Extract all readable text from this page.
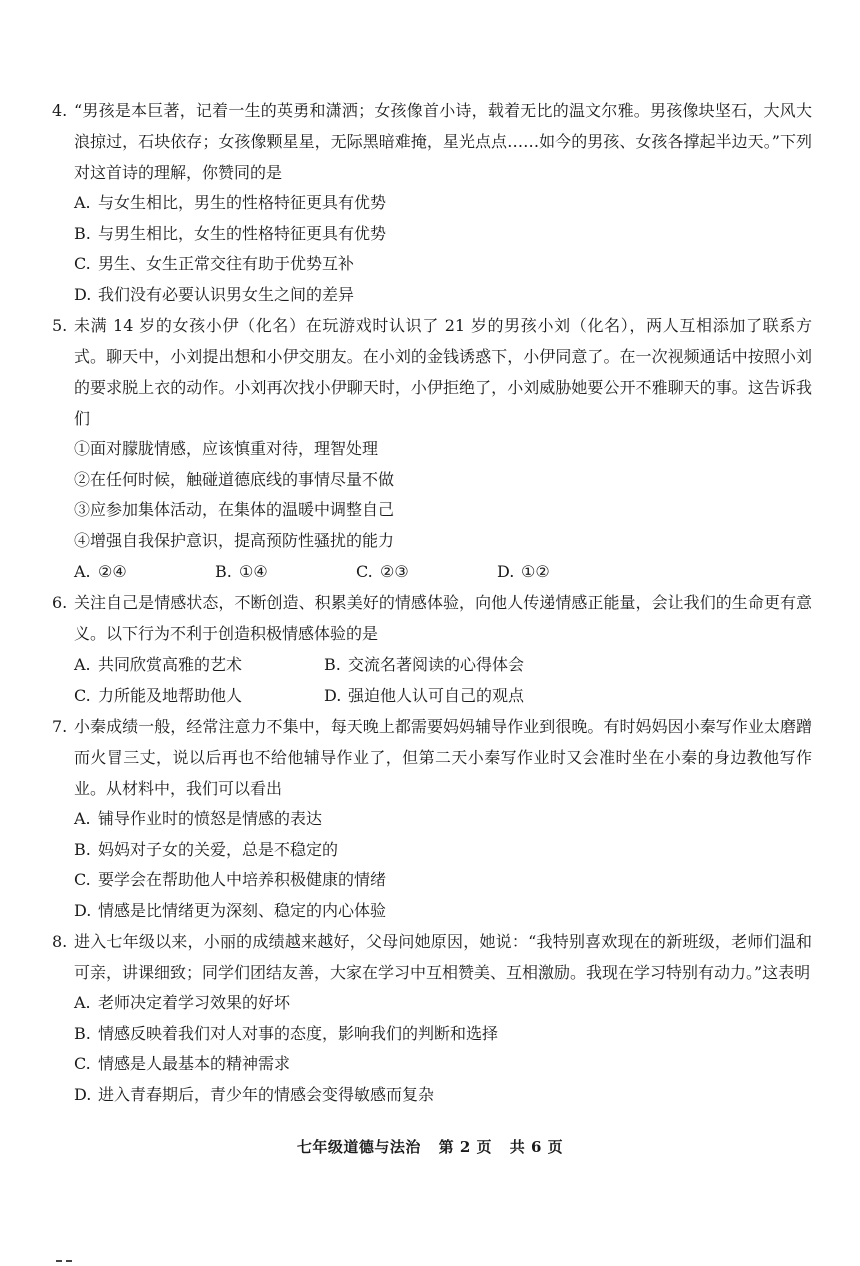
4. “男孩是本巨著，记着一生的英勇和潇洒；女孩像首小诗，载着无比的温文尔雅。男孩像块坚石，大风大浪掠过，石块依存；女孩像颗星星，无际黑暗难掩，星光点点……如今的男孩、女孩各撑起半边天。”下列对这首诗的理解，你赞同的是
A. 与女生相比，男生的性格特征更具有优势
B. 与男生相比，女生的性格特征更具有优势
C. 男生、女生正常交往有助于优势互补
D. 我们没有必要认识男女生之间的差异
5. 未满 14 岁的女孩小伊（化名）在玩游戏时认识了 21 岁的男孩小刘（化名），两人互相添加了联系方式。聊天中，小刘提出想和小伊交朋友。在小刘的金钱诱惑下，小伊同意了。在一次视频通话中按照小刘的要求脱上衣的动作。小刘再次找小伊聊天时，小伊拒绝了，小刘威胁她要公开不雅聊天的事。这告诉我们
①面对朦胧情感，应该慎重对待，理智处理
②在任何时候，触碰道德底线的事情尽量不做
③应参加集体活动，在集体的温暖中调整自己
④增强自我保护意识，提高预防性骚扰的能力
A. ②④	B. ①④	C. ②③	D. ①②
6. 关注自己是情感状态，不断创造、积累美好的情感体验，向他人传递情感正能量，会让我们的生命更有意义。以下行为不利于创造积极情感体验的是
A. 共同欣赏高雅的艺术	B. 交流名著阅读的心得体会
C. 力所能及地帮助他人	D. 强迫他人认可自己的观点
7. 小秦成绩一般，经常注意力不集中，每天晚上都需要妈妈辅导作业到很晚。有时妈妈因小秦写作业太磨蹭而火冒三丈，说以后再也不给他辅导作业了，但第二天小秦写作业时又会准时坐在小秦的身边教他写作业。从材料中，我们可以看出
A. 铺导作业时的愤怒是情感的表达
B. 妈妈对子女的关爱，总是不稳定的
C. 要学会在帮助他人中培养积极健康的情绪
D. 情感是比情绪更为深刻、稳定的内心体验
8. 进入七年级以来，小丽的成绩越来越好，父母问她原因，她说：“我特别喜欢现在的新班级，老师们温和可亲，讲课细致；同学们团结友善，大家在学习中互相赞美、互相激励。我现在学习特别有动力。”这表明
A. 老师决定着学习效果的好坏
B. 情感反映着我们对人对事的态度，影响我们的判断和选择
C. 情感是人最基本的精神需求
D. 进入青春期后，青少年的情感会变得敏感而复杂
七年级道德与法治 第 2 页 共 6 页
